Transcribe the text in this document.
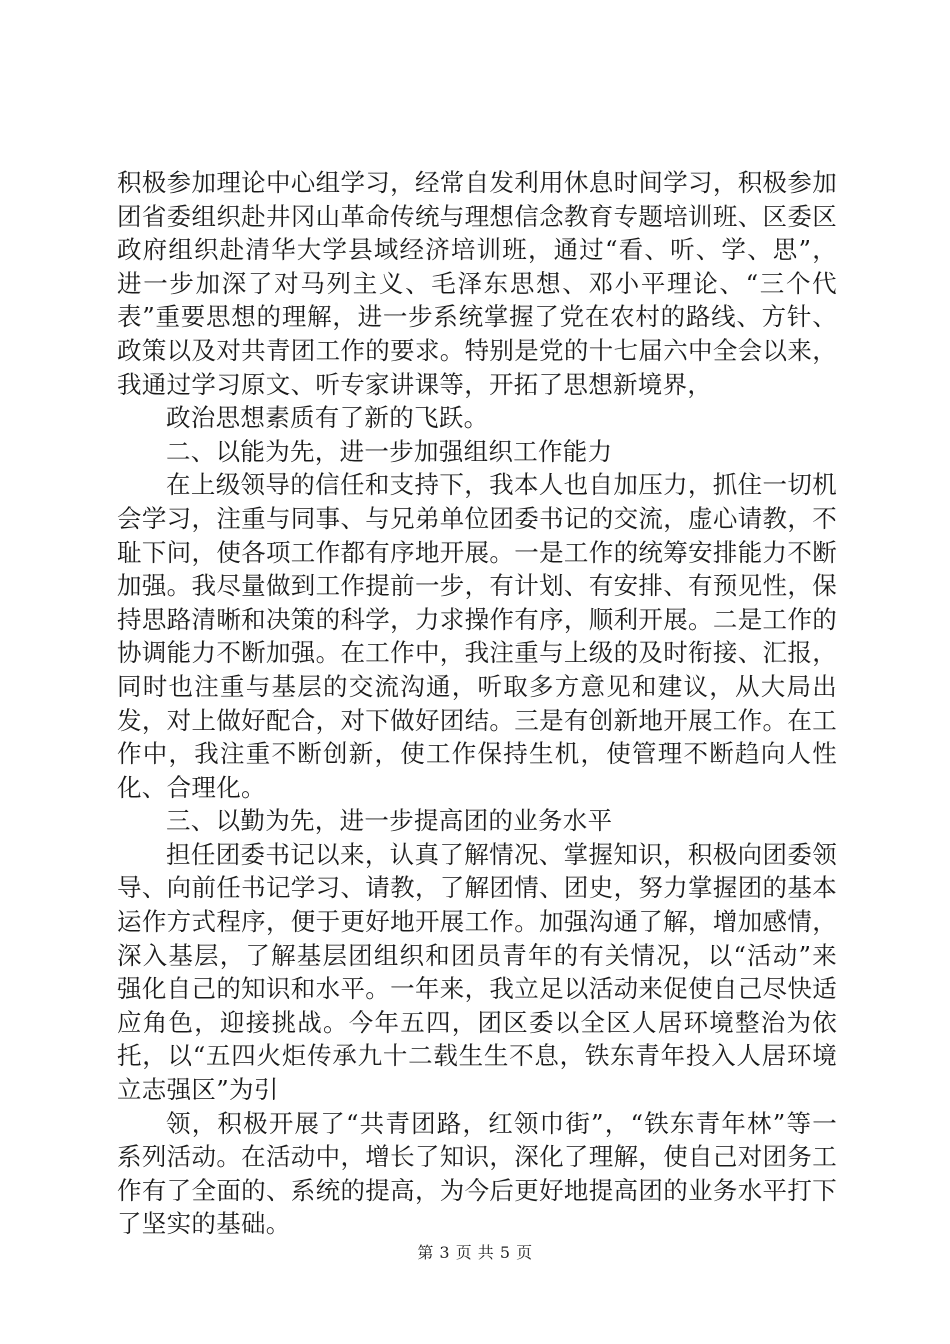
积极参加理论中心组学习，经常自发利用休息时间学习，积极参加团省委组织赴井冈山革命传统与理想信念教育专题培训班、区委区政府组织赴清华大学县域经济培训班，通过“看、听、学、思”，进一步加深了对马列主义、毛泽东思想、邓小平理论、“三个代表”重要思想的理解，进一步系统掌握了党在农村的路线、方针、政策以及对共青团工作的要求。特别是党的十七届六中全会以来，我通过学习原文、听专家讲课等，开拓了思想新境界，

政治思想素质有了新的飞跃。

二、以能为先，进一步加强组织工作能力

在上级领导的信任和支持下，我本人也自加压力，抓住一切机会学习，注重与同事、与兄弟单位团委书记的交流，虚心请教，不耻下问，使各项工作都有序地开展。一是工作的统筹安排能力不断加强。我尽量做到工作提前一步，有计划、有安排、有预见性，保持思路清晰和决策的科学，力求操作有序，顺利开展。二是工作的协调能力不断加强。在工作中，我注重与上级的及时衔接、汇报，同时也注重与基层的交流沟通，听取多方意见和建议，从大局出发，对上做好配合，对下做好团结。三是有创新地开展工作。在工作中，我注重不断创新，使工作保持生机，使管理不断趋向人性化、合理化。

三、以勤为先，进一步提高团的业务水平

担任团委书记以来，认真了解情况、掌握知识，积极向团委领导、向前任书记学习、请教，了解团情、团史，努力掌握团的基本运作方式程序，便于更好地开展工作。加强沟通了解，增加感情，深入基层，了解基层团组织和团员青年的有关情况，以“活动”来强化自己的知识和水平。一年来，我立足以活动来促使自己尽快适应角色，迎接挑战。今年五四，团区委以全区人居环境整治为依托，以“五四火炬传承九十二载生生不息，铁东青年投入人居环境立志强区”为引

领，积极开展了“共青团路，红领巾街”，“铁东青年林”等一系列活动。在活动中，增长了知识，深化了理解，使自己对团务工作有了全面的、系统的提高，为今后更好地提高团的业务水平打下了坚实的基础。

第 3 页 共 5 页
